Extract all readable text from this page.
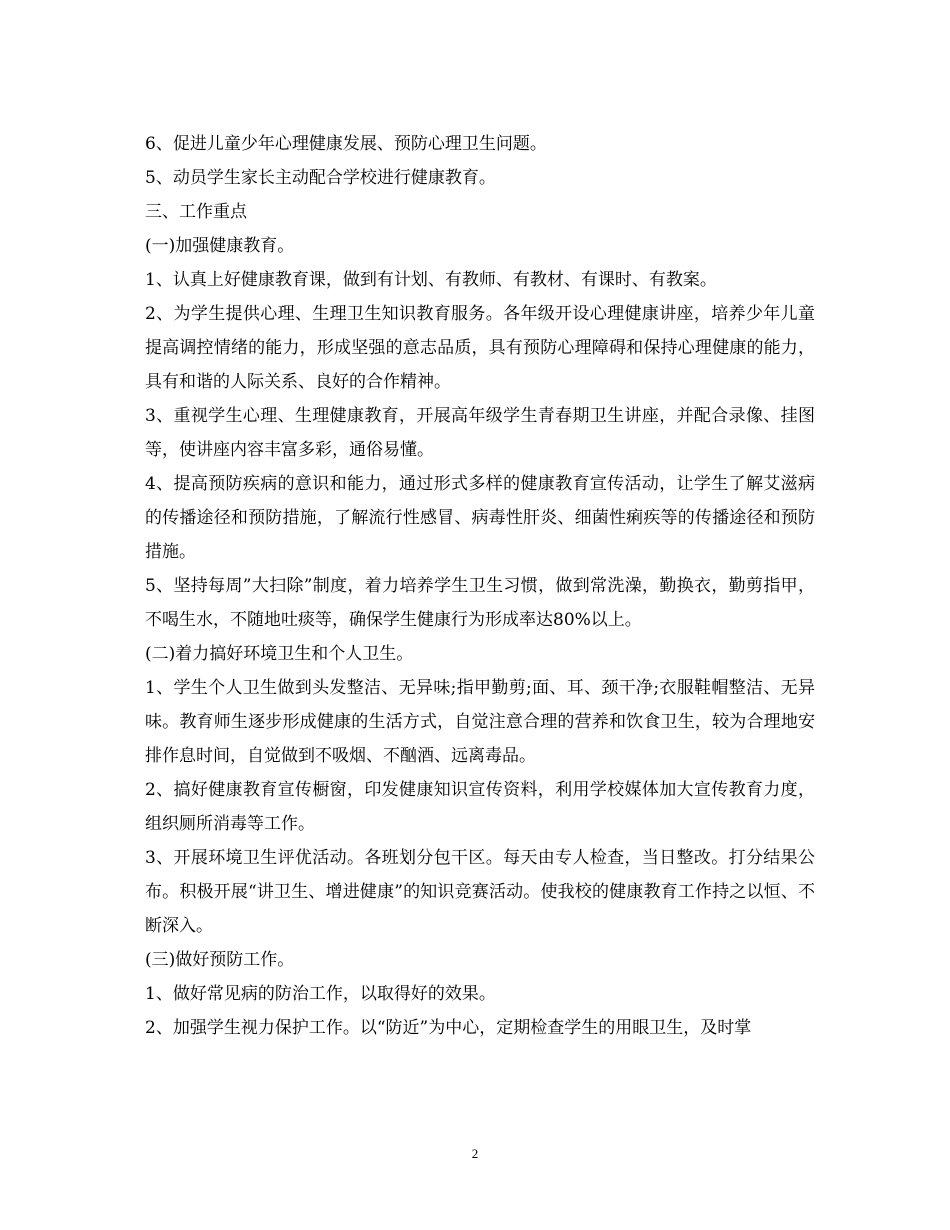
6、促进儿童少年心理健康发展、预防心理卫生问题。

5、动员学生家长主动配合学校进行健康教育。

三、工作重点

(一)加强健康教育。

1、认真上好健康教育课，做到有计划、有教师、有教材、有课时、有教案。

2、为学生提供心理、生理卫生知识教育服务。各年级开设心理健康讲座，培养少年儿童提高调控情绪的能力，形成坚强的意志品质，具有预防心理障碍和保持心理健康的能力，具有和谐的人际关系、良好的合作精神。

3、重视学生心理、生理健康教育，开展高年级学生青春期卫生讲座，并配合录像、挂图等，使讲座内容丰富多彩，通俗易懂。

4、提高预防疾病的意识和能力，通过形式多样的健康教育宣传活动，让学生了解艾滋病的传播途径和预防措施，了解流行性感冒、病毒性肝炎、细菌性痢疾等的传播途径和预防措施。

5、坚持每周”大扫除”制度，着力培养学生卫生习惯，做到常洗澡，勤换衣，勤剪指甲，不喝生水，不随地吐痰等，确保学生健康行为形成率达80%以上。

(二)着力搞好环境卫生和个人卫生。

1、学生个人卫生做到头发整洁、无异味;指甲勤剪;面、耳、颈干净;衣服鞋帽整洁、无异味。教育师生逐步形成健康的生活方式，自觉注意合理的营养和饮食卫生，较为合理地安排作息时间，自觉做到不吸烟、不酗酒、远离毒品。

2、搞好健康教育宣传橱窗，印发健康知识宣传资料，利用学校媒体加大宣传教育力度，组织厕所消毒等工作。

3、开展环境卫生评优活动。各班划分包干区。每天由专人检查，当日整改。打分结果公布。积极开展“讲卫生、增进健康”的知识竞赛活动。使我校的健康教育工作持之以恒、不断深入。

(三)做好预防工作。

1、做好常见病的防治工作，以取得好的效果。

2、加强学生视力保护工作。以“防近”为中心，定期检查学生的用眼卫生，及时掌

2
